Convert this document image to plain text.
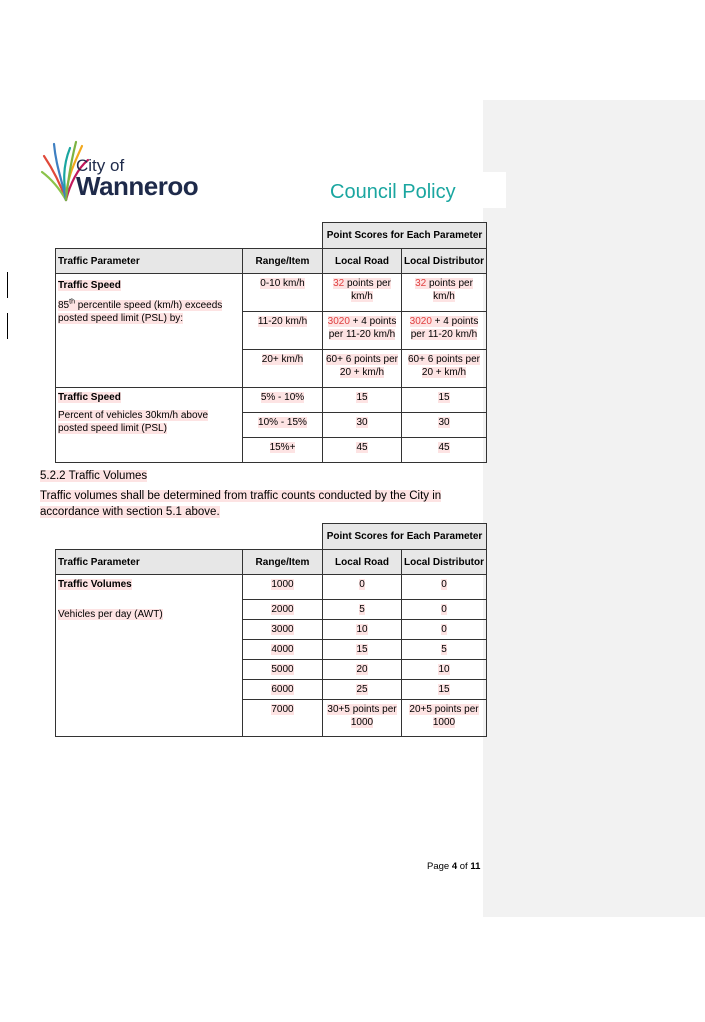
City of
Wanneroo	Council Policy
		Point Scores for Each Parameter	
Traffic Parameter	Range/Item	Local Road	Local Distributor

Traffic Speed
85th percentile speed (km/h) exceeds posted speed limit (PSL) by:	0-10 km/h	32 points per km/h	32 points per km/h
	11-20 km/h	3020 + 4 points per 11-20 km/h	3020 + 4 points per 11-20 km/h
	20+ km/h	60+ 6 points per 20 + km/h	60+ 6 points per 20 + km/h

Traffic Speed
Percent of vehicles 30km/h above posted speed limit (PSL)	5% - 10%	15	15
	10% - 15%	30	30
	15%+	45	45
5.2.2 Traffic Volumes
Traffic volumes shall be determined from traffic counts conducted by the City in accordance with section 5.1 above.
		Point Scores for Each Parameter	
Traffic Parameter	Range/Item	Local Road	Local Distributor
Traffic Volumes	1000	0	0

Vehicles per day (AWT)	2000	5	0
	3000	10	0
	4000	15	5
	5000	20	10
	6000	25	15
	7000	30+5 points per 1000	20+5 points per 1000
Page 4 of 11
